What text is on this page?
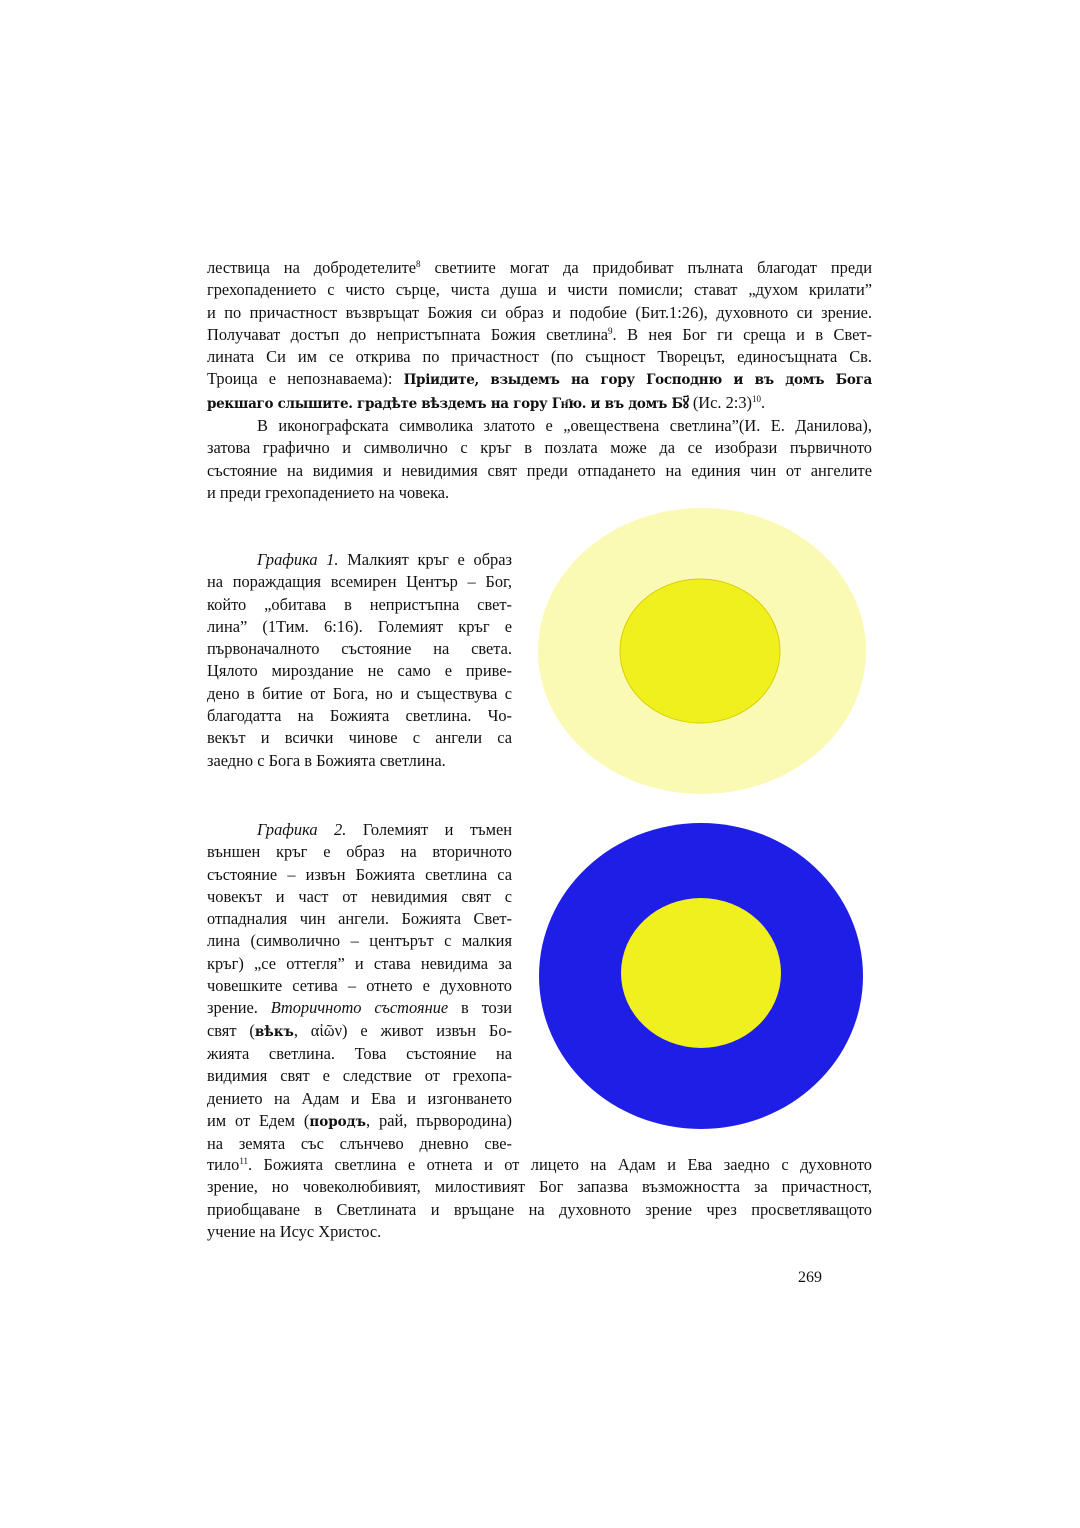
лествица на добродетелите$^8$ светиите могат да придобиват пълната благодат преди
грехопадението с чисто сърце, чиста душа и чисти помисли; стават „духом крилати”
и по причастност възвръщат Божия си образ и подобие (Бит.1:26), духовното си зрение.
Получават достъп до непристъпната Божия светлина$^9$. В нея Бог ги среща и в Свет-
лината Си им се открива по причастност (по същност Творецът, единосъщната Св.
Троица е непознаваема): Пріидите, взыдемъ на гору Господню и въ домъ Бога
рекшаго слышите. градѣте вѣздемъ на гору Гн҃ю. и въ домъ Бꙋ҃ (Ис. 2:3)$^{10}$.
В иконографската символика златото е „овеществена светлина”(И. Е. Данилова),
затова графично и символично с кръг в позлата може да се изобрази първичното
състояние на видимия и невидимия свят преди отпадането на единия чин от ангелите
и преди грехопадението на човека.
Графика 1. Малкият кръг е образ
на пораждащия всемирен Център – Бог,
който „обитава в непристъпна свет-
лина” (1Тим. 6:16). Големият кръг е
първоначалното състояние на света.
Цялото мироздание не само е приве-
дено в битие от Бога, но и съществува с
благодатта на Божията светлина. Чо-
векът и всички чинове с ангели са
заедно с Бога в Божията светлина.
Графика 2. Големият и тъмен
външен кръг е образ на вторичното
състояние – извън Божията светлина са
човекът и част от невидимия свят с
отпадналия чин ангели. Божията Свет-
лина (символично – центърът с малкия
кръг) „се оттегля” и става невидима за
човешките сетива – отнето е духовното
зрение. Вторичното състояние в този
свят (вѣкъ, αἰῶν) е живот извън Бо-
жията светлина. Това състояние на
видимия свят е следствие от грехопа-
дението на Адам и Ева и изгонването
им от Едем (породъ, рай, първородина)
на земята със слънчево дневно све-
тило$^{11}$. Божията светлина е отнета и от лицето на Адам и Ева заедно с духовното
зрение, но човеколюбивият, милостивият Бог запазва възможността за причастност,
приобщаване в Светлината и връщане на духовното зрение чрез просветляващото
учение на Исус Христос.
269
